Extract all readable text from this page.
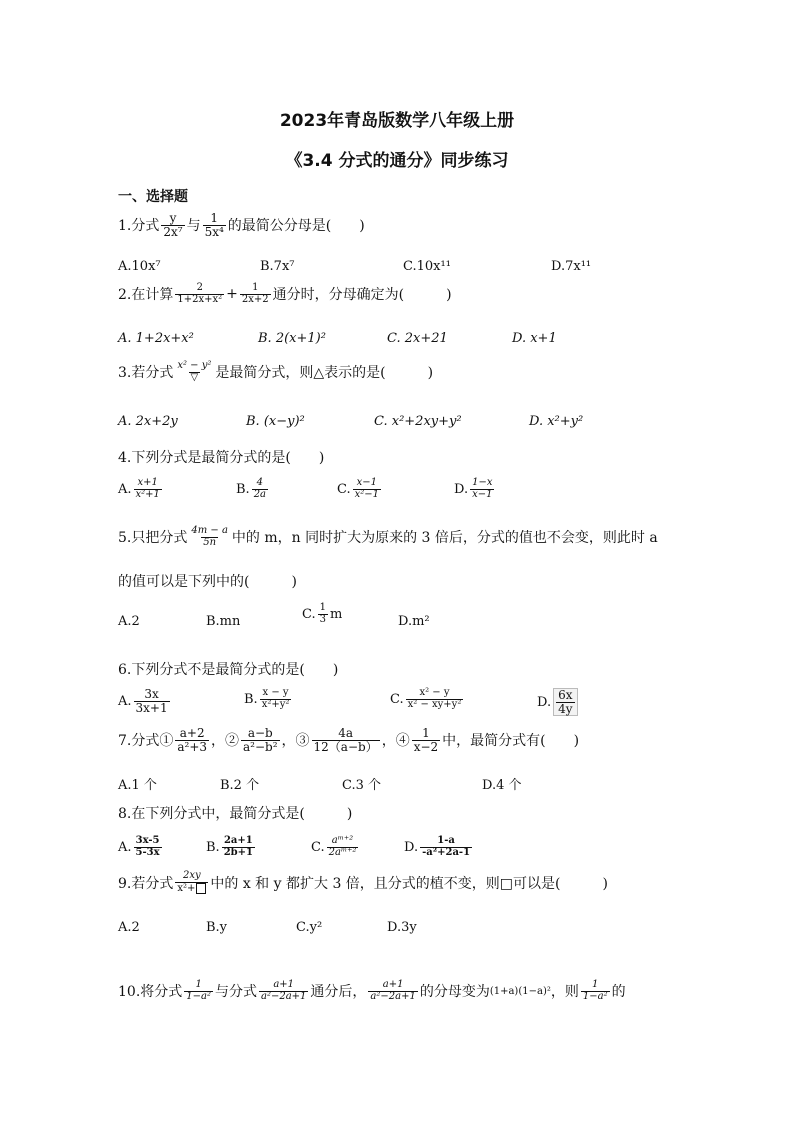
2023年青岛版数学八年级上册
《3.4 分式的通分》同步练习
一、选择题
1.分式 $\frac{y}{\text{2x⁷}}$ 与 $\frac{1}{\text{5x⁴}}$ 的最简公分母是(　　)
A.10x⁷	B.7x⁷	C.10x¹¹	D.7x¹¹
2.在计算 $\frac{2}{\text{1+2x+x²}} + \frac{1}{2x+2}$ 通分时，分母确定为(　　　)
A. 1+2x+x²	B. 2(x+1)²	C. 2x+21	D. x+1
3.若分式 $\frac{\text{x² − y²}}{▽}$ 是最简分式，则△表示的是(　　　)
A. 2x+2y	B. (x−y)²	C. x²+2xy+y²	D. x²+y²
4.下列分式是最简分式的是(　　)
A. $\frac{x+1}{\text{x²+1}}$	B. $\frac{4}{2a}$	C. $\frac{x-1}{\text{x²−1}}$	D. $\frac{1-x}{x-1}$
5.只把分式 $\frac{4m - a}{5n}$ 中的 m，n 同时扩大为原来的 3 倍后，分式的值也不会变，则此时 a
的值可以是下列中的(　　　)
A.2	B.mn	C. $\frac{1}{3}$ m	D.m²
6.下列分式不是最简分式的是(　　)
A. $\frac{3x}{3x+1}$	B. $\frac{x - y}{\text{x²+y²}}$	C. $\frac{\text{x² − y}}{\text{x² − xy+y²}}$	D. $\frac{6x}{4y}$
7.分式① $\frac{a+2}{\text{a²+3}}$ ，② $\frac{a-b}{\text{a²−b²}}$ ，③ $\frac{4a}{12(a-b)}$ ，④ $\frac{1}{x-2}$ 中，最简分式有(　　)
A.1 个	B.2 个	C.3 个	D.4 个
8.在下列分式中，最简分式是(　　　)
A. $\frac{3x-5}{5-3x}$	B. $\frac{2a+1}{2b+1}$	C. $\frac{\text{aᵐ⁺²}}{\text{2aᵐ⁺²}}$	D. $\frac{1-a}{\text{-a²+2a-1}}$
9.若分式 $\frac{2xy}{\text{x²+}}$ 中的 x 和 y 都扩大 3 倍，且分式的植不变，则□可以是(　　　)
A.2	B.y	C.y²	D.3y
10.将分式 $\frac{1}{\text{1−a²}}$ 与分式 $\frac{a+1}{\text{a²−2a+1}}$ 通分后， $\frac{a+1}{\text{a²−2a+1}}$ 的分母变为 (1+a)(1−a)² ，则 $\frac{1}{\text{1−a²}}$ 的
